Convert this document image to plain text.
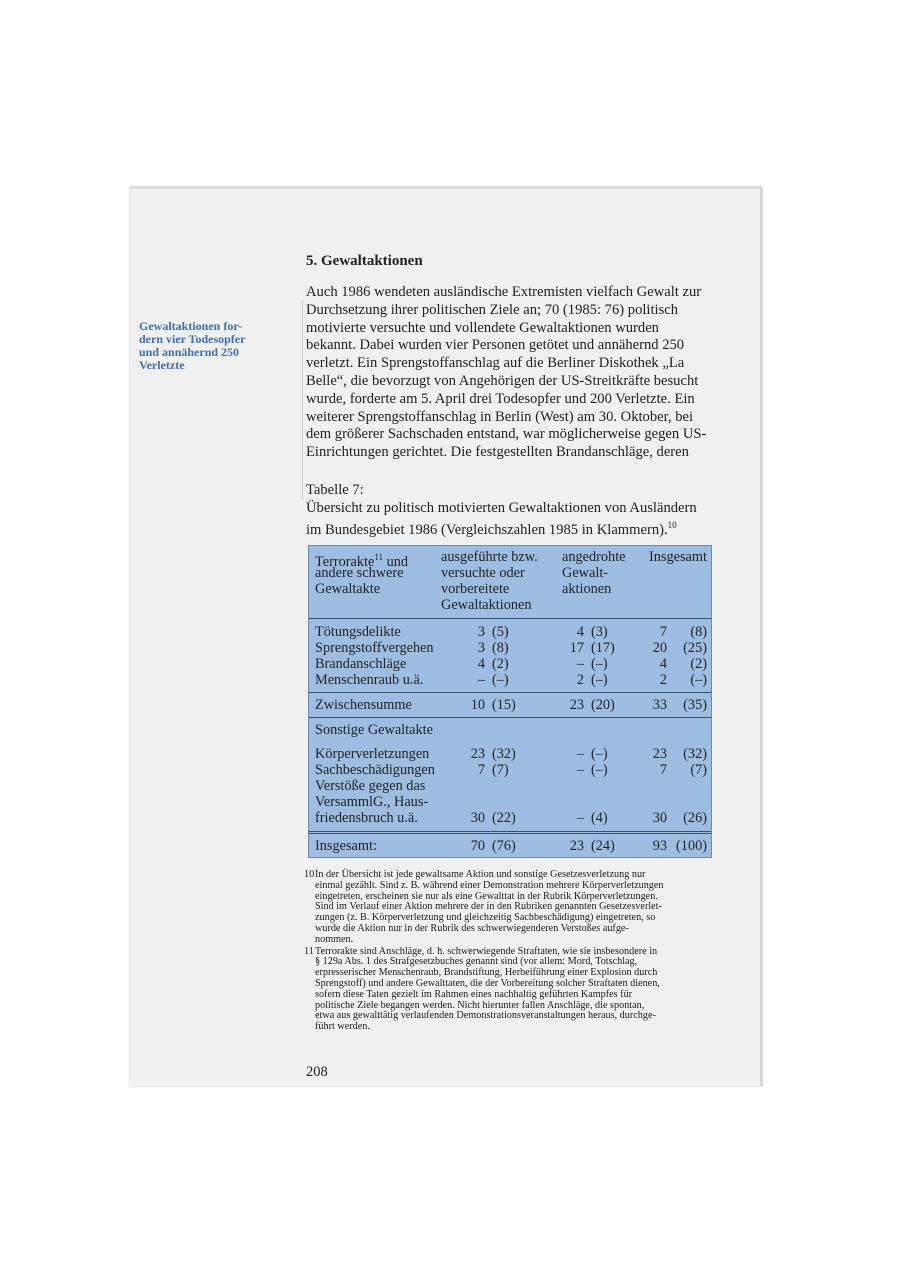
Gewaltaktionen for-
dern vier Todesopfer
und annähernd 250
Verletzte
5. Gewaltaktionen
Auch 1986 wendeten ausländische Extremisten vielfach Gewalt zur
Durchsetzung ihrer politischen Ziele an; 70 (1985: 76) politisch
motivierte versuchte und vollendete Gewaltaktionen wurden
bekannt. Dabei wurden vier Personen getötet und annähernd 250
verletzt. Ein Sprengstoffanschlag auf die Berliner Diskothek „La
Belle“, die bevorzugt von Angehörigen der US-Streitkräfte besucht
wurde, forderte am 5. April drei Todesopfer und 200 Verletzte. Ein
weiterer Sprengstoffanschlag in Berlin (West) am 30. Oktober, bei
dem größerer Sachschaden entstand, war möglicherweise gegen US-
Einrichtungen gerichtet. Die festgestellten Brandanschläge, deren
Tabelle 7:
Übersicht zu politisch motivierten Gewaltaktionen von Ausländern
im Bundesgebiet 1986 (Vergleichszahlen 1985 in Klammern).$^{10}$
Terrorakte$^{11}$ und
andere schwere
Gewaltakte
ausgeführte bzw.
versuchte oder
vorbereitete
Gewaltaktionen
angedrohte
Gewalt-
aktionen
Insgesamt
Tötungsdelikte	3 (5)	4 (3)	7	(8)
Sprengstoffvergehen	3 (8)	17 (17)	20	(25)
Brandanschläge	4 (2)	– (–)	4	(2)
Menschenraub u.ä.	– (–)	2 (–)	2	(–)
Zwischensumme	10 (15)	23 (20)	33	(35)
Sonstige Gewaltakte
Körperverletzungen	23 (32)	– (–)	23	(32)
Sachbeschädigungen	7 (7)	– (–)	7	(7)
Verstöße gegen das
VersammlG., Haus-
friedensbruch u.ä.	30 (22)	– (4)	30	(26)
Insgesamt:	70 (76)	23 (24)	93 (100)
10 In der Übersicht ist jede gewaltsame Aktion und sonstige Gesetzesverletzung nur
einmal gezählt. Sind z. B. während einer Demonstration mehrere Körperverletzungen
eingetreten, erscheinen sie nur als eine Gewalttat in der Rubrik Körperverletzungen.
Sind im Verlauf einer Aktion mehrere der in den Rubriken genannten Gesetzesverlet-
zungen (z. B. Körperverletzung und gleichzeitig Sachbeschädigung) eingetreten, so
wurde die Aktion nur in der Rubrik des schwerwiegenderen Verstoßes aufge-
nommen.
11 Terrorakte sind Anschläge, d. h. schwerwiegende Straftaten, wie sie insbesondere in
§ 129a Abs. 1 des Strafgesetzbuches genannt sind (vor allem: Mord, Totschlag,
erpresserischer Menschenraub, Brandstiftung, Herbeiführung einer Explosion durch
Sprengstoff) und andere Gewalttaten, die der Vorbereitung solcher Straftaten dienen,
sofern diese Taten gezielt im Rahmen eines nachhaltig geführten Kampfes für
politische Ziele begangen werden. Nicht hierunter fallen Anschläge, die spontan,
etwa aus gewalttätig verlaufenden Demonstrationsveranstaltungen heraus, durchge-
führt werden.
208
